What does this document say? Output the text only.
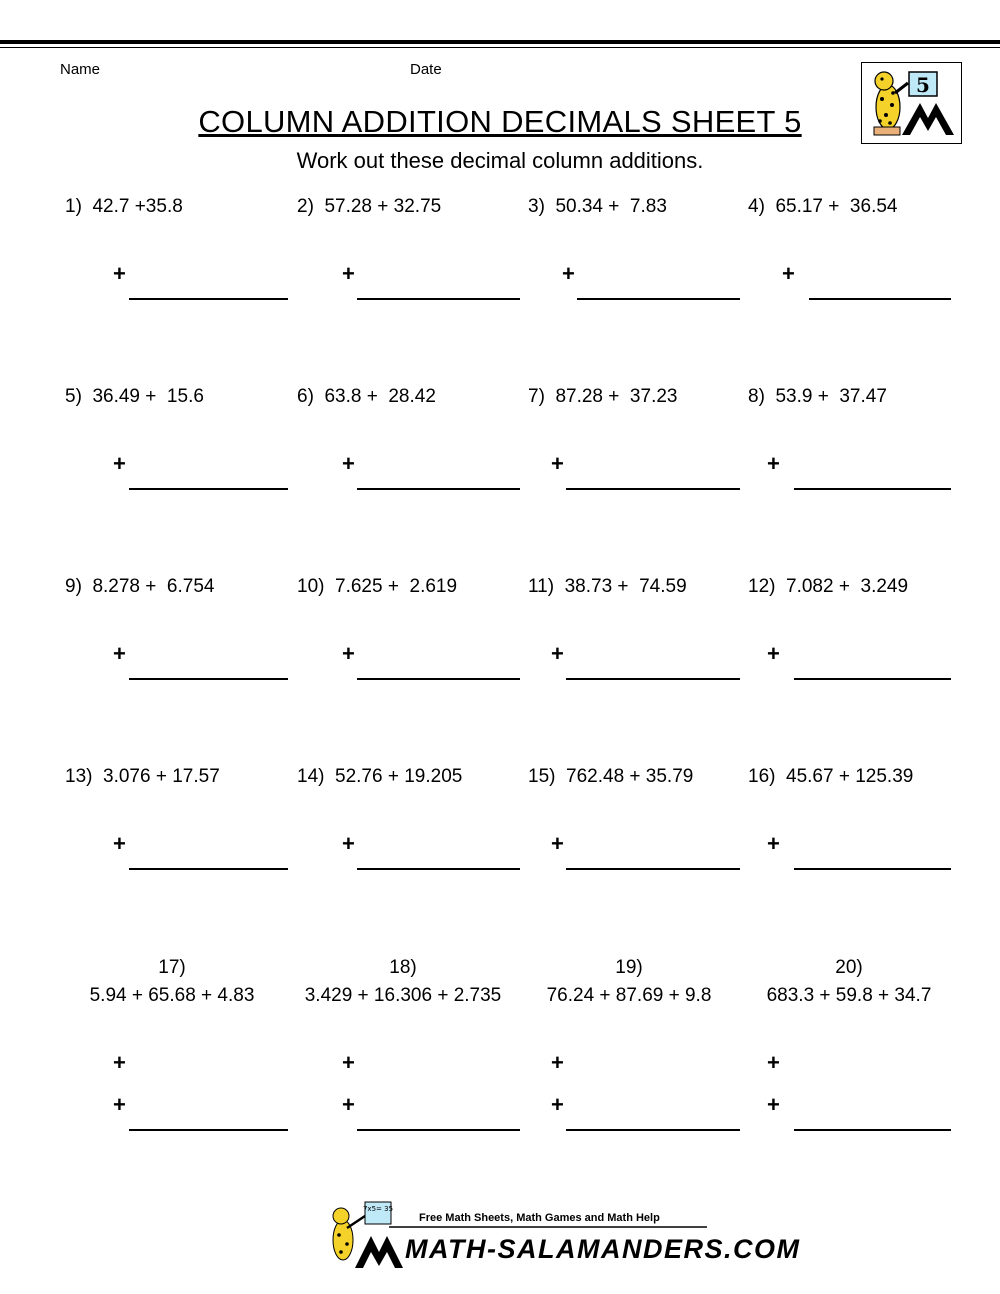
Name	Date
COLUMN ADDITION DECIMALS SHEET 5
Work out these decimal column additions.
5
1)  42.7 +35.8
+
2)  57.28 + 32.75
+
3)  50.34 +  7.83
+
4)  65.17 +  36.54
+
5)  36.49 +  15.6
+
6)  63.8 +  28.42
+
7)  87.28 +  37.23
+
8)  53.9 +  37.47
+
9)  8.278 +  6.754
+
10)  7.625 +  2.619
+
11)  38.73 +  74.59
+
12)  7.082 +  3.249
+
13)  3.076 + 17.57
+
14)  52.76 + 19.205
+
15)  762.48 + 35.79
+
16)  45.67 + 125.39
+
17)
5.94 + 65.68 + 4.83
+
+
18)
3.429 + 16.306 + 2.735
+
+
19)
76.24 + 87.69 + 9.8
+
+
20)
683.3 + 59.8 + 34.7
+
+
7x5= 35
Free Math Sheets, Math Games and Math Help
MATH-SALAMANDERS.COM
